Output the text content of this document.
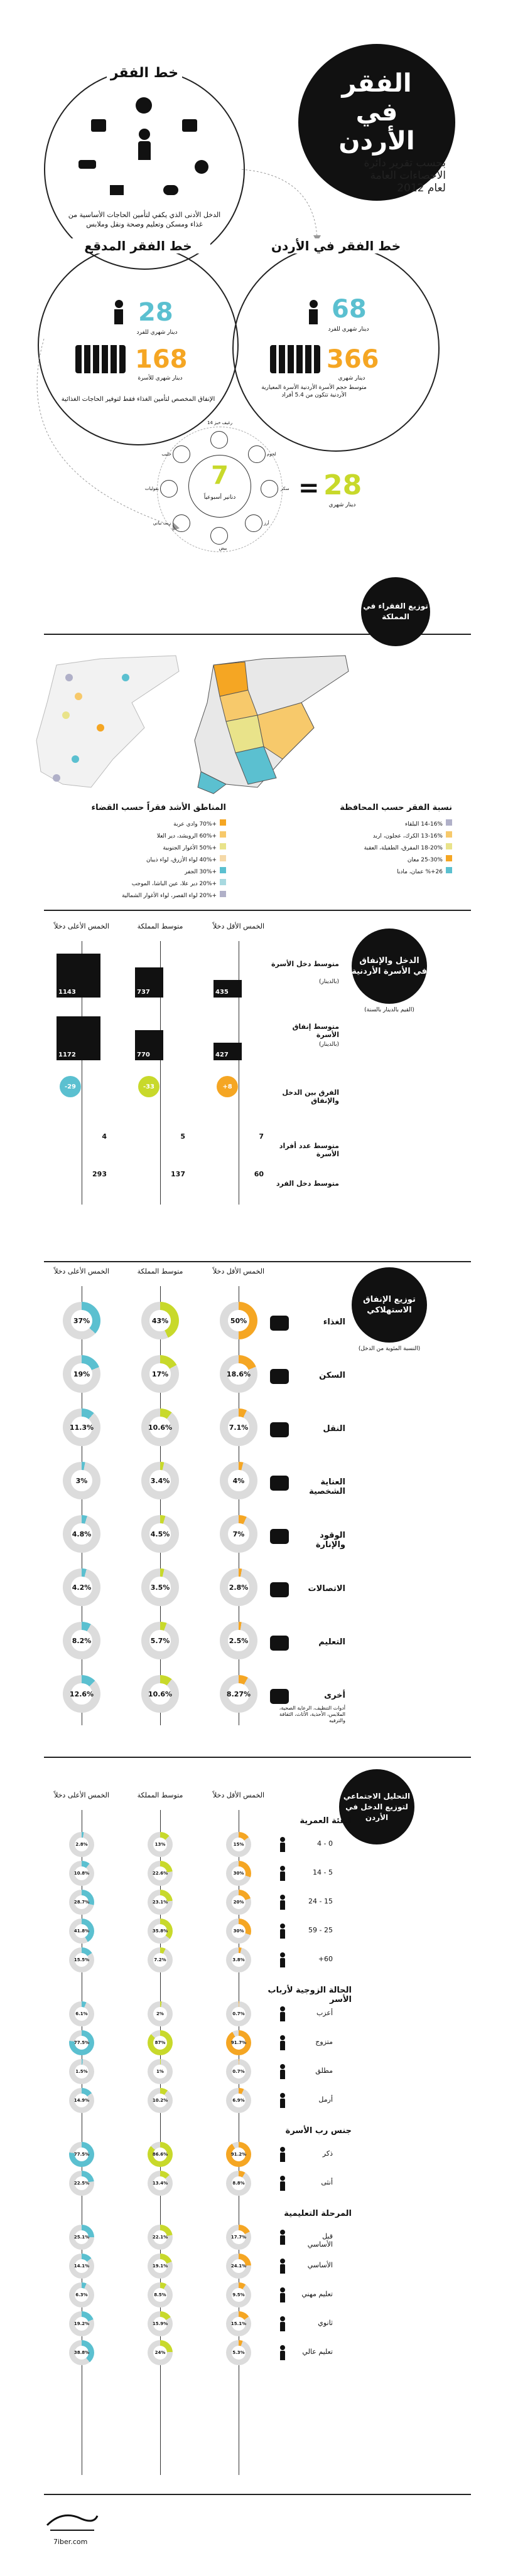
الفقر
في
الأردن
بحسب تقرير دائرة الاحصاءات العامة لعام 2012
خط الفقر
الدخل الأدنى الذي يكفي لتأمين الحاجات الأساسية من غذاء ومسكن وتعليم وصحة ونقل وملابس
خط الفقر في الأردن
68
دينار شهري للفرد
366
دينار شهري
متوسط حجم الأسرة الأردنية الأسرة المعيارية الأردنية تتكون من 5.4 أفراد
خط الفقر المدقع
28
دينار شهري للفرد
168
دينار شهري للأسرة
الإنفاق المخصص لتأمين الغذاء فقط لتوفير الحاجات الغذائية
7
دنانير أسبوعياً
14 رغيف خبز
لحوم
سكر
أرز
بيض
زيت نباتي
بقوليات
حليب
= 28
دينار شهري
توزيع الفقراء في المملكة
نسبة الفقر حسب المحافظة
14-16% البلقاء
13-16% الكرك، عجلون، اربد
18-20% المفرق، الطفيلة، العقبة
25-30% معان
26+% عمان، مادبا
المناطق الأشد فقراً حسب القضاء
+70% وادي عربة
+60% الرويشد، دير العلا
+50% الأغوار الجنوبية
+40% لواء الأزرق، لواء ذيبان
+30% الجفر
+20% دير علا، عين الباشا، الموجب
+20% لواء القصر، لواء الأغوار الشمالية
الدخل والإنفاق في الأسرة الأردنية
(القيم بالدينار بالسنة)
الخمس الأقل دخلاً
متوسط المملكة
الخمس الأعلى دخلاً
متوسط دخل الأسرة
(بالدينار)
435
737
1143
متوسط إنفاق الأسرة
(بالدينار)
427
770
1172
الفرق بين الدخل والإنفاق
+8
-33
-29
متوسط عدد أفراد الأسرة
7
5
4
متوسط دخل الفرد
60
137
293
توزيع الإنفاق الاستهلاكي
(النسبة المئوية من الدخل)
الخمس الأقل دخلاً
متوسط المملكة
الخمس الأعلى دخلاً
الغذاء
50%
43%
37%
السكن
18.6%
17%
19%
النقل
7.1%
10.6%
11.3%
العناية الشخصية
4%
3.4%
3%
الوقود والإنارة
7%
4.5%
4.8%
الاتصالات
2.8%
3.5%
4.2%
التعليم
2.5%
5.7%
8.2%
أخرى
أدوات التنظيف، الرعاية الصحية، الملابس، الأحذية، الأثاث، الثقافة والترفيه
8.27%
10.6%
12.6%
التحليل الاجتماعي لتوزيع الدخل في الأردن
الخمس الأقل دخلاً
متوسط المملكة
الخمس الأعلى دخلاً
الفئة العمرية
0 - 4
15%
13%
2.8%
5 - 14
30%
22.6%
10.8%
15 - 24
20%
23.1%
28.7%
25 - 59
30%
35.8%
41.8%
60+
3.8%
7.2%
15.5%
الحالة الزوجية لأرباب الأسر
أعزب
0.7%
2%
6.1%
متزوج
91.7%
87%
77.5%
مطلق
0.7%
1%
1.5%
أرمل
6.9%
10.2%
14.9%
جنس رب الأسرة
ذكر
91.2%
86.6%
77.5%
أنثى
8.8%
13.4%
22.5%
المرحلة التعليمية
قبل الأساسي
17.7%
22.1%
25.1%
الأساسي
24.1%
19.1%
14.1%
تعليم مهني
9.5%
8.5%
6.3%
ثانوي
15.1%
15.9%
19.2%
تعليم عالي
5.3%
24%
38.8%
7iber.com
